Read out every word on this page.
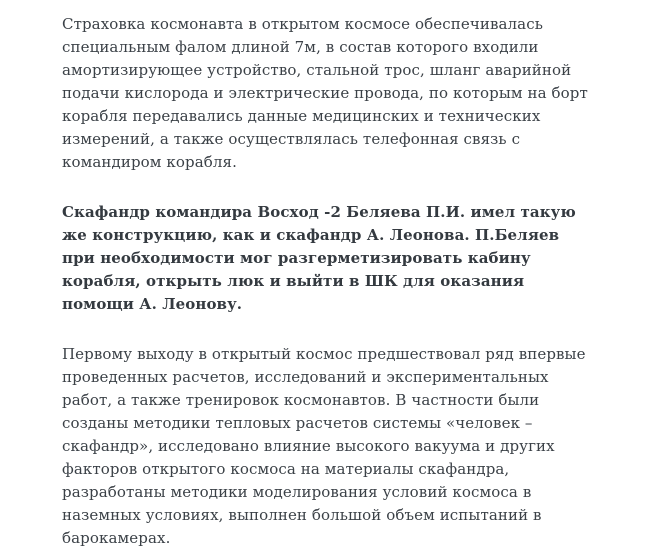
Страховка космонавта в открытом космосе обеспечивалась специальным фалом длиной 7м, в состав которого входили амортизирующее устройство, стальной трос, шланг аварийной подачи кислорода и электрические провода, по которым на борт корабля передавались данные медицинских и технических измерений, а также осуществлялась телефонная связь с командиром корабля.

Скафандр командира Восход -2 Беляева П.И. имел такую же конструкцию, как и скафандр А. Леонова. П.Беляев при необходимости мог разгерметизировать кабину корабля, открыть люк и выйти в ШК для оказания помощи А. Леонову.

Первому выходу в открытый космос предшествовал ряд впервые проведенных расчетов, исследований и экспериментальных работ, а также тренировок космонавтов. В частности были созданы методики тепловых расчетов системы «человек – скафандр», исследовано влияние высокого вакуума и других факторов открытого космоса на материалы скафандра, разработаны методики моделирования условий космоса в наземных условиях, выполнен большой объем испытаний в барокамерах.
